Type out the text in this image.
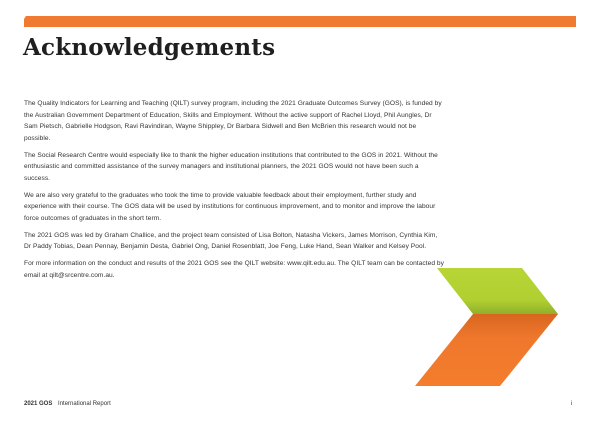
Acknowledgements

The Quality Indicators for Learning and Teaching (QILT) survey program, including the 2021 Graduate Outcomes Survey (GOS), is funded by the Australian Government Department of Education, Skills and Employment. Without the active support of Rachel Lloyd, Phil Aungles, Dr Sam Pietsch, Gabrielle Hodgson, Ravi Ravindiran, Wayne Shippley, Dr Barbara Sidwell and Ben McBrien this research would not be possible.

The Social Research Centre would especially like to thank the higher education institutions that contributed to the GOS in 2021. Without the enthusiastic and committed assistance of the survey managers and institutional planners, the 2021 GOS would not have been such a success.

We are also very grateful to the graduates who took the time to provide valuable feedback about their employment, further study and experience with their course. The GOS data will be used by institutions for continuous improvement, and to monitor and improve the labour force outcomes of graduates in the short term.

The 2021 GOS was led by Graham Challice, and the project team consisted of Lisa Bolton, Natasha Vickers, James Morrison, Cynthia Kim, Dr Paddy Tobias, Dean Pennay, Benjamin Desta, Gabriel Ong, Daniel Rosenblatt, Joe Feng, Luke Hand, Sean Walker and Kelsey Pool.

For more information on the conduct and results of the 2021 GOS see the QILT website: www.qilt.edu.au. The QILT team can be contacted by email at qilt@srcentre.com.au.

2021 GOS International Report	i
